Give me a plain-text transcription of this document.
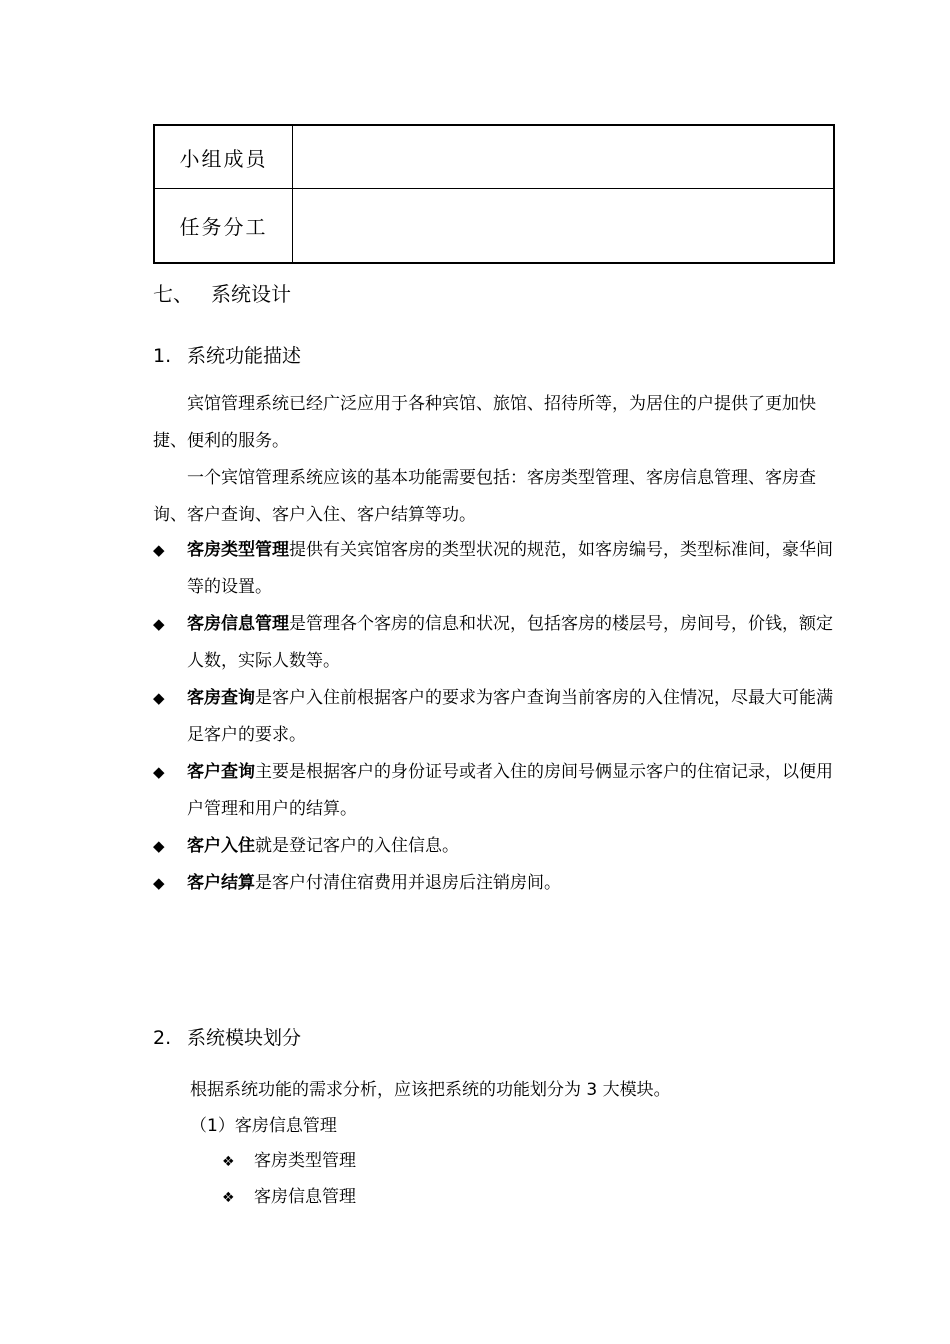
小组成员	
任务分工	
七、 系统设计
1. 系统功能描述
宾馆管理系统已经广泛应用于各种宾馆、旅馆、招待所等，为居住的户提供了更加快捷、便利的服务。
一个宾馆管理系统应该的基本功能需要包括：客房类型管理、客房信息管理、客房查询、客户查询、客户入住、客户结算等功。
◆ 客房类型管理提供有关宾馆客房的类型状况的规范，如客房编号，类型标准间，豪华间等的设置。
◆ 客房信息管理是管理各个客房的信息和状况，包括客房的楼层号，房间号，价钱，额定人数，实际人数等。
◆ 客房查询是客户入住前根据客户的要求为客户查询当前客房的入住情况，尽最大可能满足客户的要求。
◆ 客户查询主要是根据客户的身份证号或者入住的房间号俩显示客户的住宿记录，以便用户管理和用户的结算。
◆ 客户入住就是登记客户的入住信息。
◆ 客户结算是客户付清住宿费用并退房后注销房间。
2. 系统模块划分
根据系统功能的需求分析，应该把系统的功能划分为 3 大模块。
（1）客房信息管理
❖ 客房类型管理
❖ 客房信息管理
